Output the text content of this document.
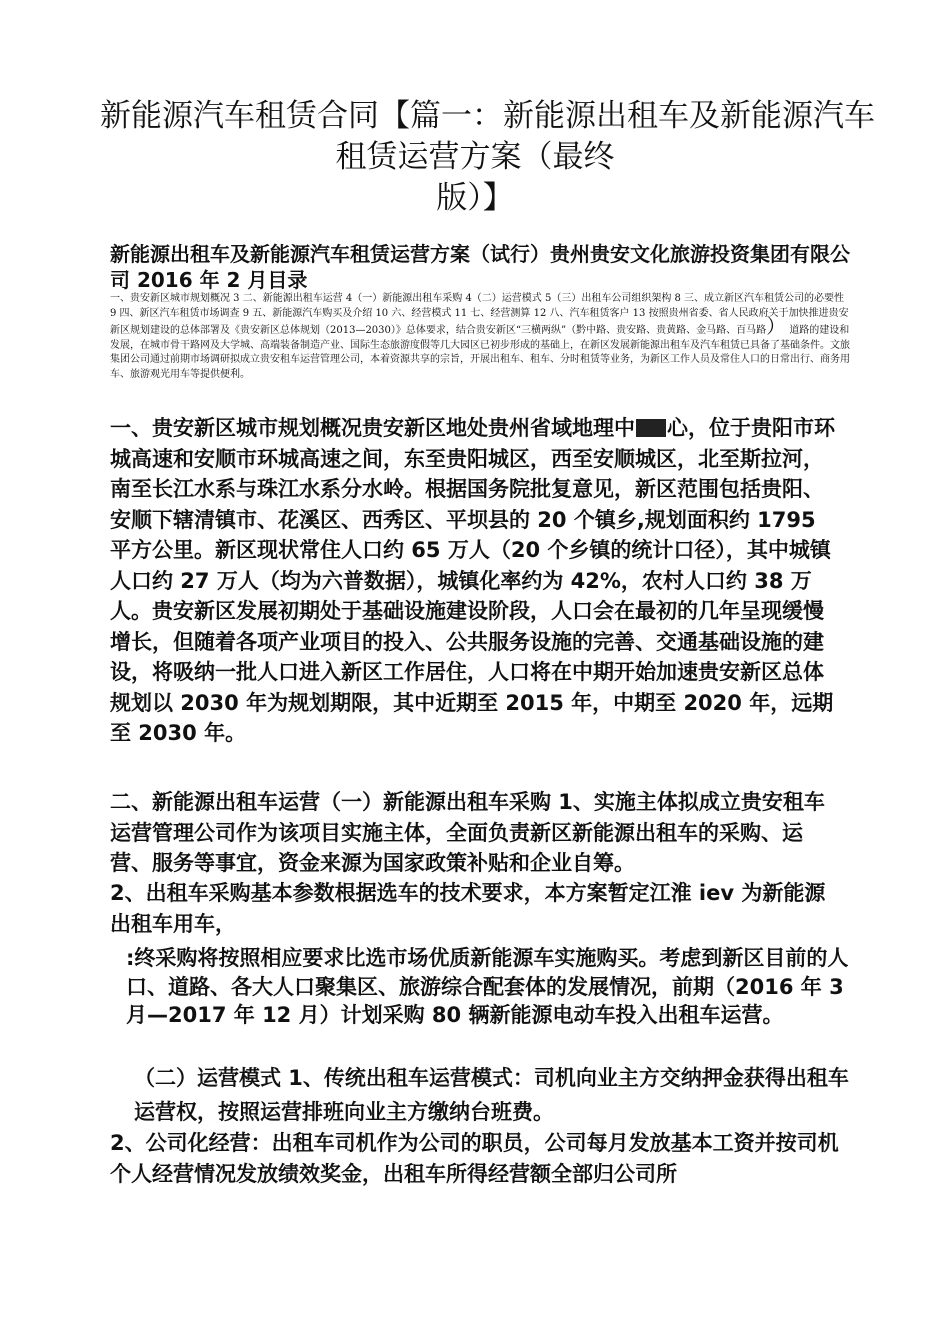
新能源汽车租赁合同【篇一：新能源出租车及新能源汽车
租赁运营方案（最终
版）】
新能源出租车及新能源汽车租赁运营方案（试行）贵州贵安文化旅游投资集团有限公司 2016 年 2 月目录

一、贵安新区城市规划概况 3 二、新能源出租车运营 4（一）新能源出租车采购 4（二）运营模式 5（三）出租车公司组织架构 8 三、成立新区汽车租赁公司的必要性 9 四、新区汽车租赁市场调查 9 五、新能源汽车购买及介绍 10 六、经营模式 11 七、经营测算 12 八、汽车租赁客户 13 按照贵州省委、省人民政府关于加快推进贵安新区规划建设的总体部署及《贵安新区总体规划（2013—2030）》总体要求，结合贵安新区“三横两纵”（黔中路、贵安路、贵黄路、金马路、百马路） 道路的建设和发展，在城市骨干路网及大学城、高端装备制造产业、国际生态旅游度假等几大园区已初步形成的基础上，在新区发展新能源出租车及汽车租赁已具备了基础条件。文旅集团公司通过前期市场调研拟成立贵安租车运营管理公司，本着资源共享的宗旨，开展出租车、租车、分时租赁等业务，为新区工作人员及常住人口的日常出行、商务用车、旅游观光用车等提供便利。

一、贵安新区城市规划概况贵安新区地处贵州省域地理中 心，位于贵阳市环城高速和安顺市环城高速之间，东至贵阳城区，西至安顺城区，北至斯拉河，南至长江水系与珠江水系分水岭。根据国务院批复意见，新区范围包括贵阳、安顺下辖清镇市、花溪区、西秀区、平坝县的 20 个镇乡,规划面积约 1795 平方公里。新区现状常住人口约 65 万人（20 个乡镇的统计口径），其中城镇人口约 27 万人（均为六普数据），城镇化率约为 42%，农村人口约 38 万人。贵安新区发展初期处于基础设施建设阶段，人口会在最初的几年呈现缓慢增长，但随着各项产业项目的投入、公共服务设施的完善、交通基础设施的建设，将吸纳一批人口进入新区工作居住，人口将在中期开始加速贵安新区总体规划以 2030 年为规划期限，其中近期至 2015 年，中期至 2020 年，远期至 2030 年。

二、新能源出租车运营（一）新能源出租车采购 1、实施主体拟成立贵安租车运营管理公司作为该项目实施主体，全面负责新区新能源出租车的采购、运营、服务等事宜，资金来源为国家政策补贴和企业自筹。

2、出租车采购基本参数根据选车的技术要求，本方案暂定江淮 iev 为新能源出租车用车，

:终采购将按照相应要求比选市场优质新能源车实施购买。考虑到新区目前的人口、道路、各大人口聚集区、旅游综合配套体的发展情况，前期（2016 年 3 月—2017 年 12 月）计划采购 80 辆新能源电动车投入出租车运营。

（二）运营模式 1、传统出租车运营模式：司机向业主方交纳押金获得出租车运营权，按照运营排班向业主方缴纳台班费。

2、公司化经营：出租车司机作为公司的职员，公司每月发放基本工资并按司机个人经营情况发放绩效奖金，出租车所得经营额全部归公司所
